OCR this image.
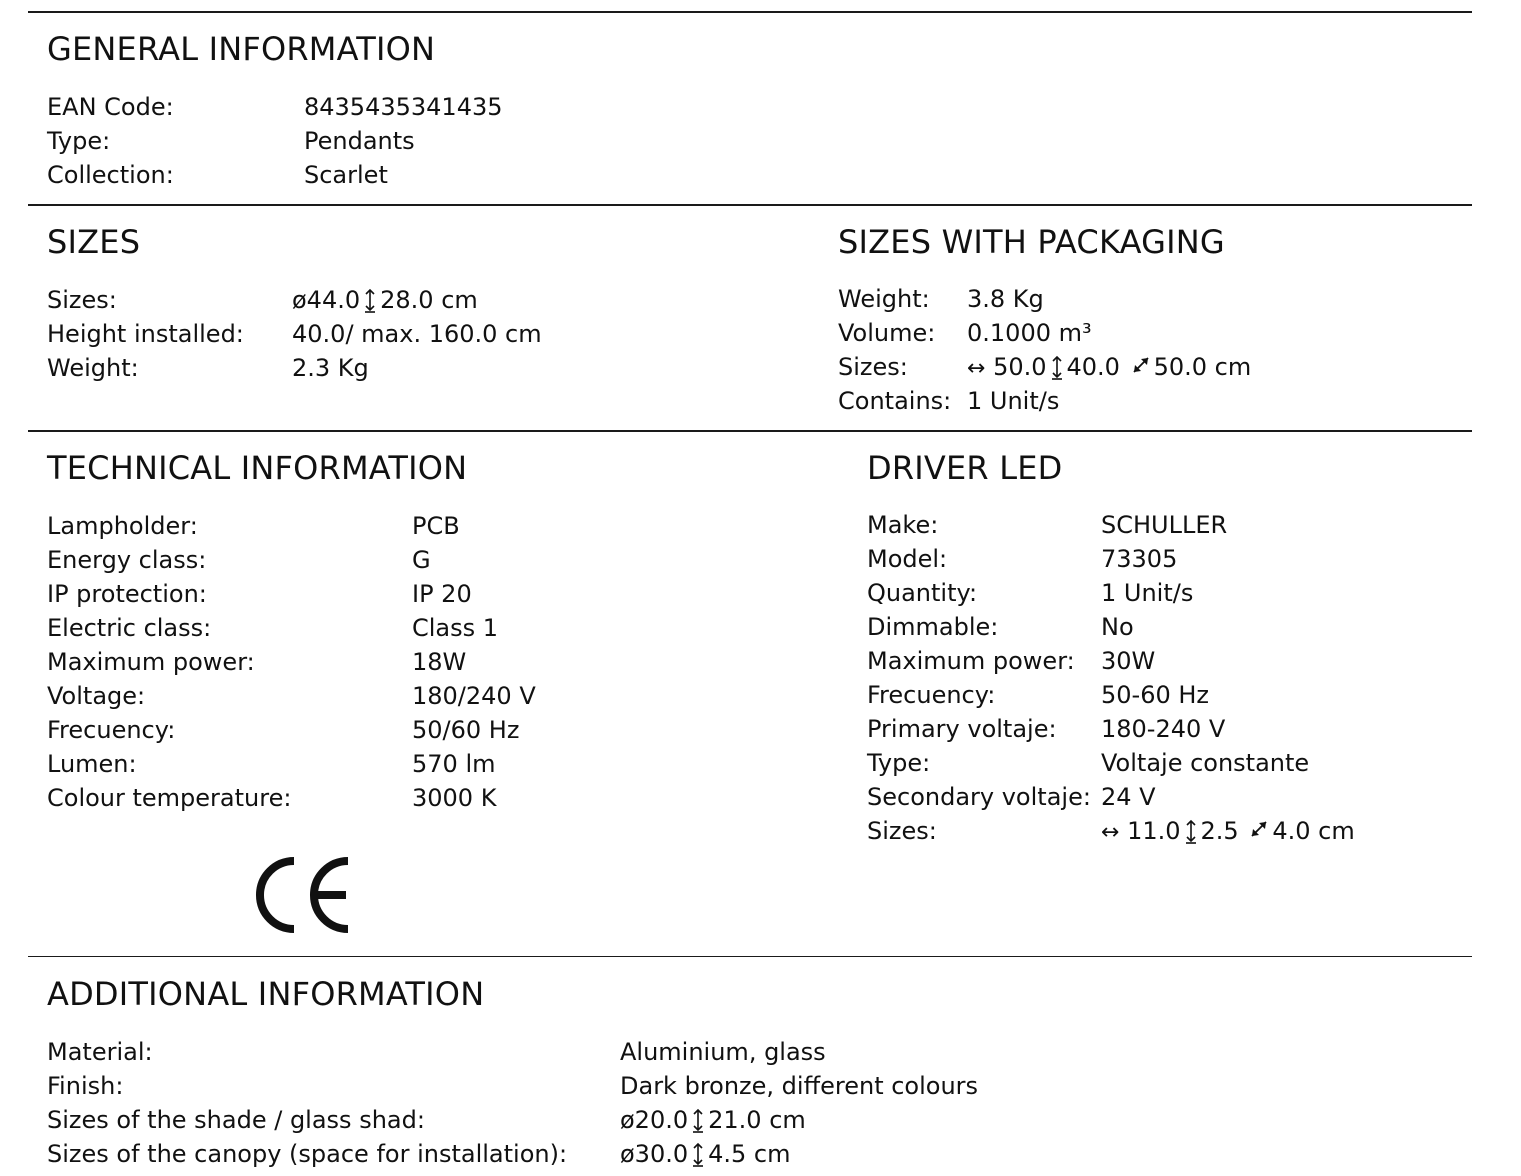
GENERAL INFORMATION
EAN Code:	8435435341435
Type:	Pendants
Collection:	Scarlet
SIZES
Sizes:	ø44.0 28.0 cm
Height installed: 40.0/ max. 160.0 cm
Weight:	2.3 Kg
SIZES WITH PACKAGING
Weight: 3.8 Kg
Volume: 0.1000 m³
Sizes:	↔ 50.0 40.0 50.0 cm
Contains: 1 Unit/s
TECHNICAL INFORMATION
Lampholder:	PCB
Energy class:	G
IP protection:	IP 20
Electric class:	Class 1
Maximum power:	18W
Voltage:	180/240 V
Frecuency:	50/60 Hz
Lumen:	570 lm
Colour temperature:	3000 K
DRIVER LED
Make:	SCHULLER
Model:	73305
Quantity:	1 Unit/s
Dimmable:	No
Maximum power: 30W
Frecuency:	50-60 Hz
Primary voltaje: 180-240 V
Type:	Voltaje constante
Secondary voltaje: 24 V
Sizes:	↔ 11.0 2.5 4.0 cm
ADDITIONAL INFORMATION
Material:	Aluminium, glass
Finish:	Dark bronze, different colours
Sizes of the shade / glass shad:	ø20.0 21.0 cm
Sizes of the canopy (space for installation): ø30.0 4.5 cm
